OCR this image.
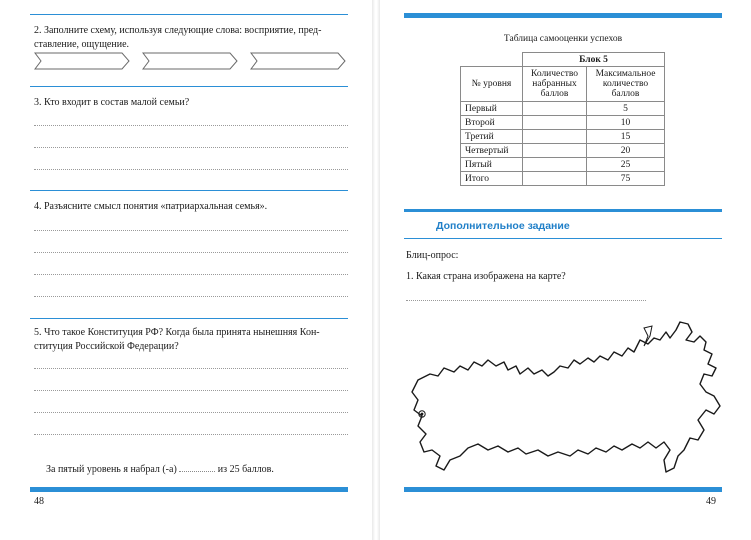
2. Заполните схему, используя следующие слова: восприятие, пред-
ставление, ощущение.
3. Кто входит в состав малой семьи?
4. Разъясните смысл понятия «патриархальная семья».
5. Что такое Конституция РФ? Когда была принята нынешняя Кон-
ституция Российской Федерации?
За пятый уровень я набрал (-а)	из 25 баллов.
48
Таблица самооценки успехов
	Блок 5	
№ уровня	Количество набранных баллов	Максимальное количество баллов
Первый		5
Второй		10
Третий		15
Четвертый		20
Пятый		25
Итого		75
Дополнительное задание
Блиц-опрос:
1. Какая страна изображена на карте?
49
